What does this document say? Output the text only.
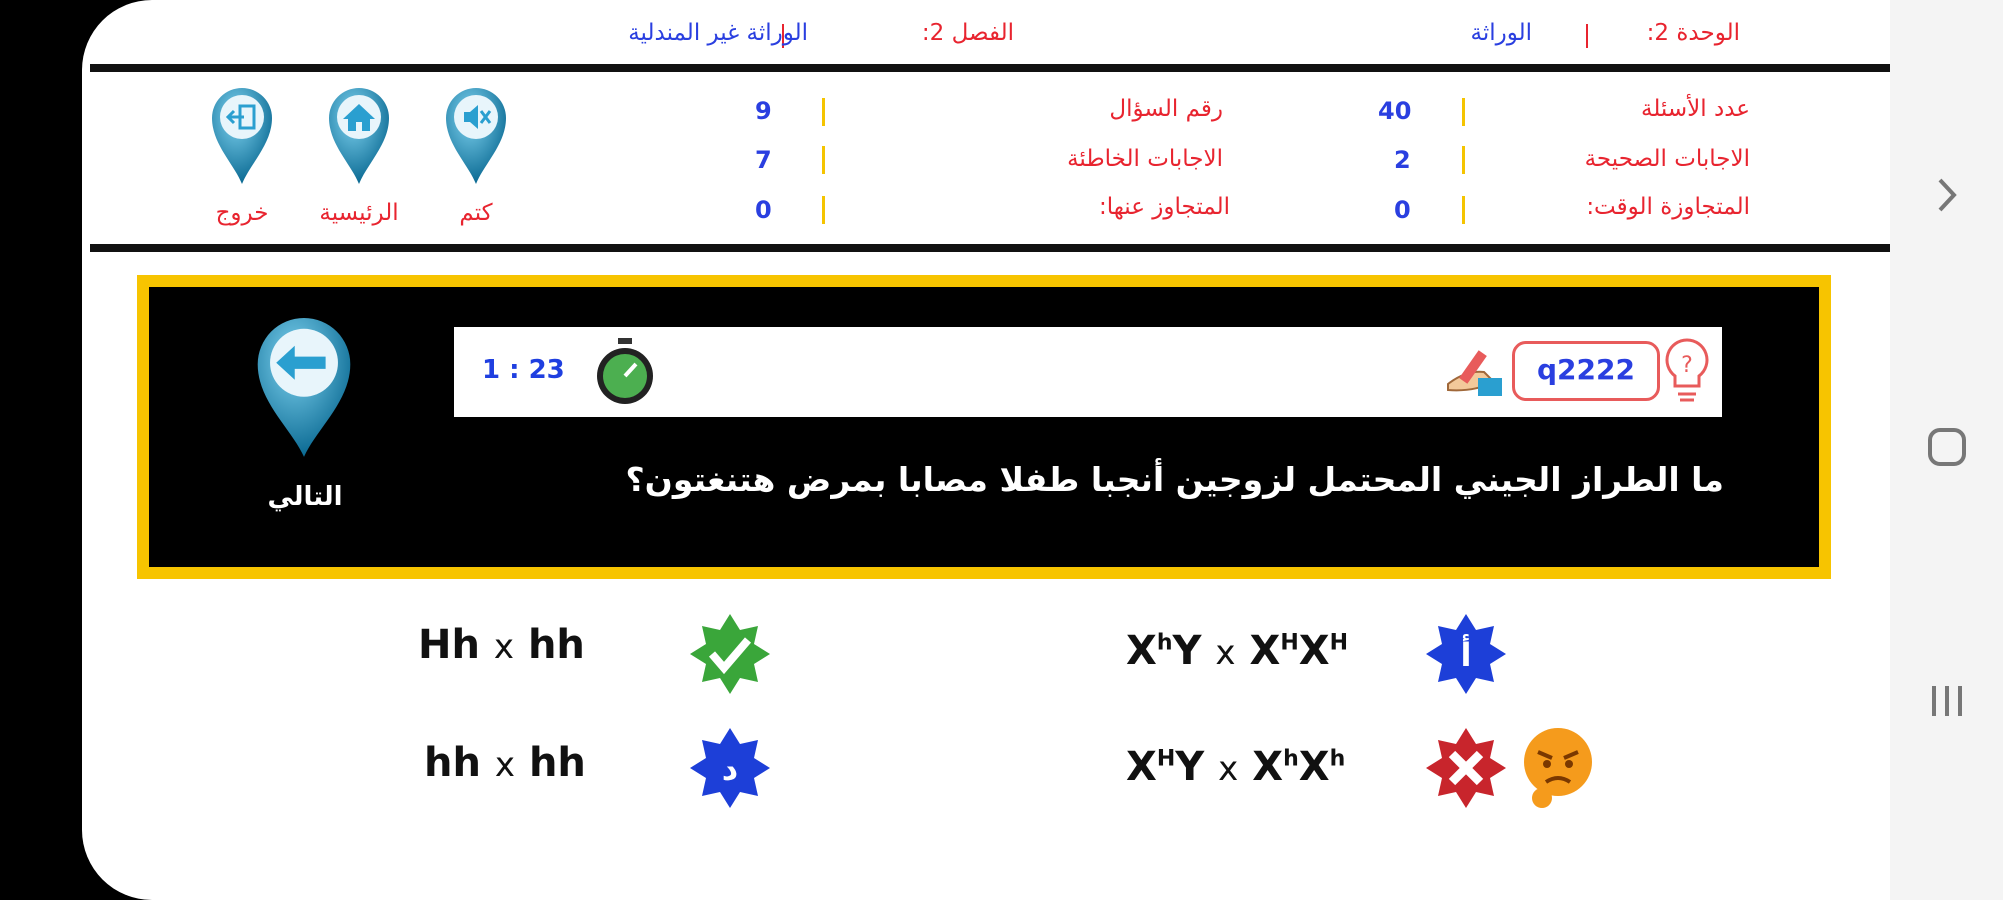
الوحدة 2:
الوراثة
الفصل 2:
الوراثة غير المندلية
عدد الأسئلة
40
الاجابات الصحيحة
2
المتجاوزة الوقت:
0
رقم السؤال
9
الاجابات الخاطئة
7
المتجاوز عنها:
0
كتم
الرئيسية
خروج
1 : 23	q2222	?
ما الطراز الجيني المحتمل لزوجين أنجبا طفلا مصابا بمرض هتنغتون؟
التالي
أ
$X^hY$ x $X^HX^H$
Hh x hh
$X^HY$ x $X^hX^h$
د
hh x hh
